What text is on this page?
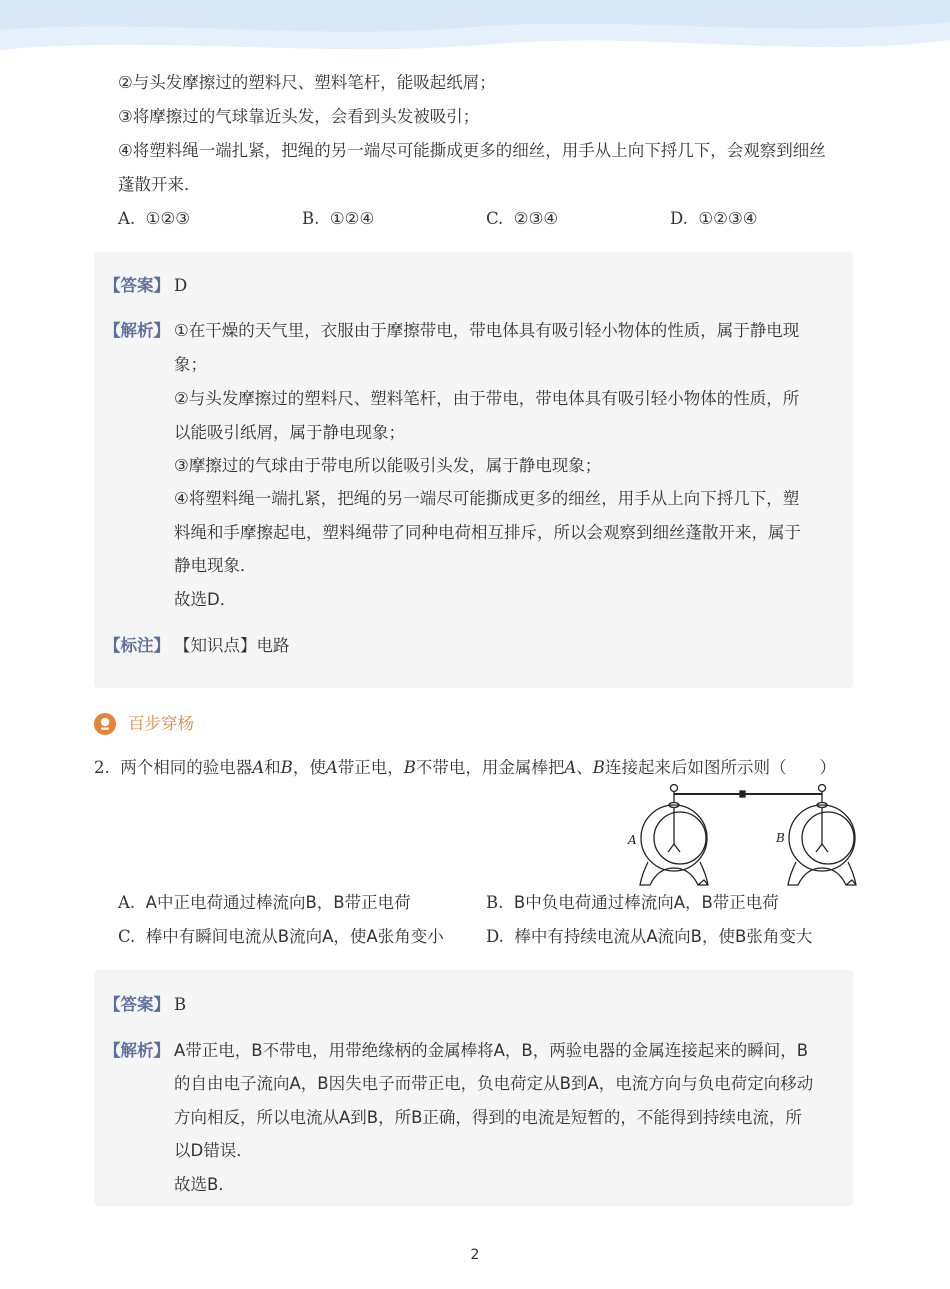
②与头发摩擦过的塑料尺、塑料笔杆，能吸起纸屑；
③将摩擦过的气球靠近头发，会看到头发被吸引；
④将塑料绳一端扎紧，把绳的另一端尽可能撕成更多的细丝，用手从上向下捋几下，会观察到细丝
蓬散开来．
A. ①②③	B. ①②④	C. ②③④	D. ①②③④
【答案】 D
【解析】 ①在干燥的天气里，衣服由于摩擦带电，带电体具有吸引轻小物体的性质，属于静电现
象；
②与头发摩擦过的塑料尺、塑料笔杆，由于带电，带电体具有吸引轻小物体的性质，所
以能吸引纸屑，属于静电现象；
③摩擦过的气球由于带电所以能吸引头发，属于静电现象；
④将塑料绳一端扎紧，把绳的另一端尽可能撕成更多的细丝，用手从上向下捋几下，塑
料绳和手摩擦起电，塑料绳带了同种电荷相互排斥，所以会观察到细丝蓬散开来，属于
静电现象．
故选D．
【标注】 【知识点】电路
百步穿杨
2. 两个相同的验电器A和B，使A带正电，B不带电，用金属棒把A、B连接起来后如图所示则（　　）
A	B
A. A中正电荷通过棒流向B，B带正电荷	B. B中负电荷通过棒流向A，B带正电荷
C. 棒中有瞬间电流从B流向A，使A张角变小	D. 棒中有持续电流从A流向B，使B张角变大
【答案】 B
【解析】 A带正电，B不带电，用带绝缘柄的金属棒将A，B，两验电器的金属连接起来的瞬间，B
的自由电子流向A，B因失电子而带正电，负电荷定从B到A，电流方向与负电荷定向移动
方向相反，所以电流从A到B，所B正确，得到的电流是短暂的，不能得到持续电流，所
以D错误．
故选B．
2
